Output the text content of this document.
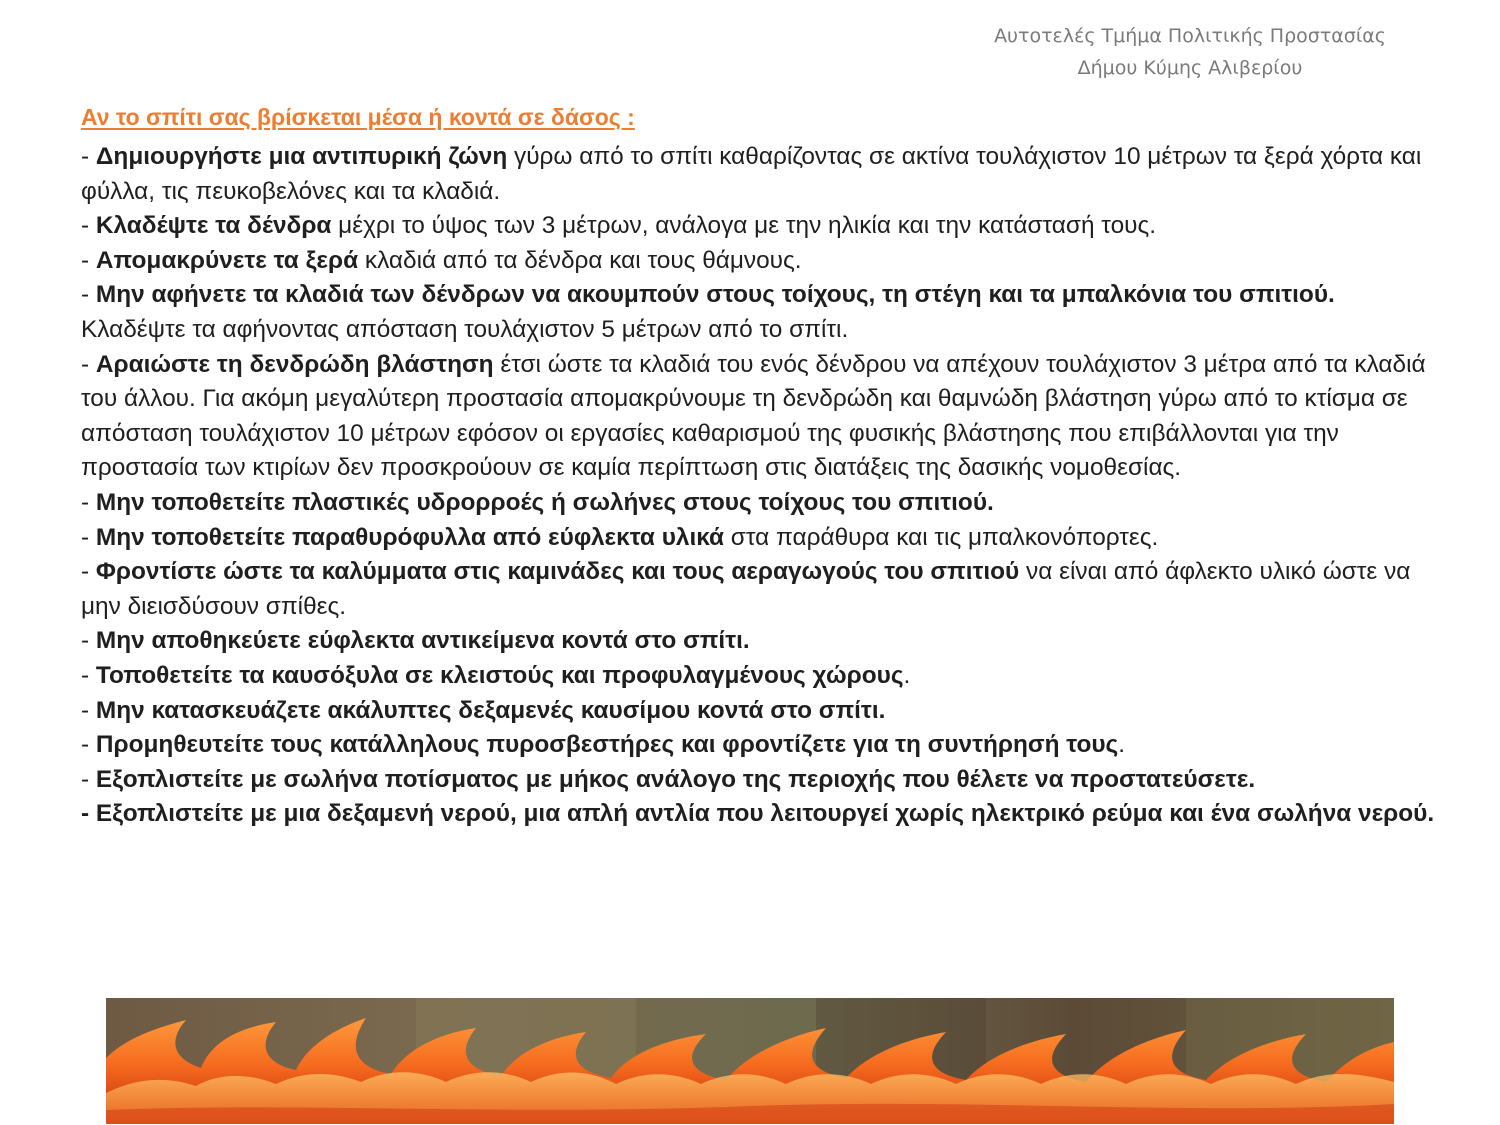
Αυτοτελές Τμήμα Πολιτικής Προστασίας
Δήμου Κύμης Αλιβερίου
Αν το σπίτι σας βρίσκεται μέσα ή κοντά σε δάσος :

- Δημιουργήστε μια αντιπυρική ζώνη γύρω από το σπίτι καθαρίζοντας σε ακτίνα τουλάχιστον 10 μέτρων τα ξερά χόρτα και φύλλα, τις πευκοβελόνες και τα κλαδιά.

- Κλαδέψτε τα δένδρα μέχρι το ύψος των 3 μέτρων, ανάλογα με την ηλικία και την κατάστασή τους.

- Απομακρύνετε τα ξερά κλαδιά από τα δένδρα και τους θάμνους.

- Μην αφήνετε τα κλαδιά των δένδρων να ακουμπούν στους τοίχους, τη στέγη και τα μπαλκόνια του σπιτιού. Κλαδέψτε τα αφήνοντας απόσταση τουλάχιστον 5 μέτρων από το σπίτι.

- Αραιώστε τη δενδρώδη βλάστηση έτσι ώστε τα κλαδιά του ενός δένδρου να απέχουν τουλάχιστον 3 μέτρα από τα κλαδιά του άλλου. Για ακόμη μεγαλύτερη προστασία απομακρύνουμε τη δενδρώδη και θαμνώδη βλάστηση γύρω από το κτίσμα σε απόσταση τουλάχιστον 10 μέτρων εφόσον οι εργασίες καθαρισμού της φυσικής βλάστησης που επιβάλλονται για την προστασία των κτιρίων δεν προσκρούουν σε καμία περίπτωση στις διατάξεις της δασικής νομοθεσίας.

- Μην τοποθετείτε πλαστικές υδρορροές ή σωλήνες στους τοίχους του σπιτιού.

- Μην τοποθετείτε παραθυρόφυλλα από εύφλεκτα υλικά στα παράθυρα και τις μπαλκονόπορτες.

- Φροντίστε ώστε τα καλύμματα στις καμινάδες και τους αεραγωγούς του σπιτιού να είναι από άφλεκτο υλικό ώστε να μην διεισδύσουν σπίθες.

- Μην αποθηκεύετε εύφλεκτα αντικείμενα κοντά στο σπίτι.

- Τοποθετείτε τα καυσόξυλα σε κλειστούς και προφυλαγμένους χώρους.

- Μην κατασκευάζετε ακάλυπτες δεξαμενές καυσίμου κοντά στο σπίτι.

- Προμηθευτείτε τους κατάλληλους πυροσβεστήρες και φροντίζετε για τη συντήρησή τους.

- Εξοπλιστείτε με σωλήνα ποτίσματος με μήκος ανάλογο της περιοχής που θέλετε να προστατεύσετε.

- Εξοπλιστείτε με μια δεξαμενή νερού, μια απλή αντλία που λειτουργεί χωρίς ηλεκτρικό ρεύμα και ένα σωλήνα νερού.
